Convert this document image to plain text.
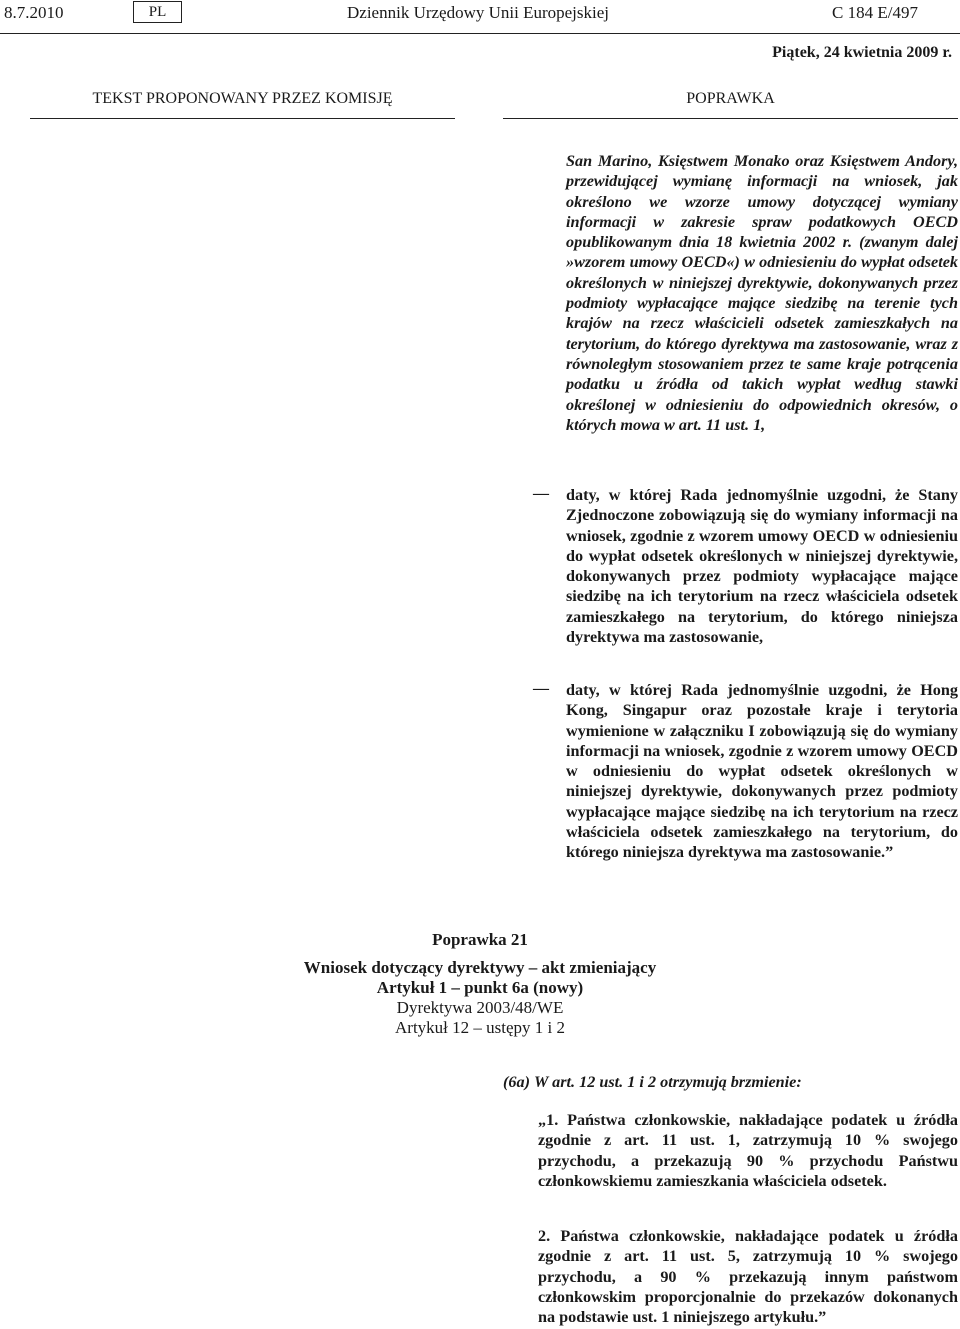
8.7.2010	PL	Dziennik Urzędowy Unii Europejskiej	C 184 E/497
Piątek, 24 kwietnia 2009 r.
TEKST PROPONOWANY PRZEZ KOMISJĘ	POPRAWKA
San Marino, Księstwem Monako oraz Księstwem Andory, przewidującej wymianę informacji na wniosek, jak określono we wzorze umowy dotyczącej wymiany informacji w zakresie spraw podatkowych OECD opublikowanym dnia 18 kwietnia 2002 r. (zwanym dalej »wzorem umowy OECD«) w odniesieniu do wypłat odsetek określonych w niniejszej dyrektywie, dokonywanych przez podmioty wypłacające mające siedzibę na terenie tych krajów na rzecz właścicieli odsetek zamieszkałych na terytorium, do którego dyrektywa ma zastosowanie, wraz z równoległym stosowaniem przez te same kraje potrącenia podatku u źródła od takich wypłat według stawki określonej w odniesieniu do odpowiednich okresów, o których mowa w art. 11 ust. 1,
— daty, w której Rada jednomyślnie uzgodni, że Stany Zjednoczone zobowiązują się do wymiany informacji na wniosek, zgodnie z wzorem umowy OECD w odniesieniu do wypłat odsetek określonych w niniejszej dyrektywie, dokonywanych przez podmioty wypłacające mające siedzibę na ich terytorium na rzecz właściciela odsetek zamieszkałego na terytorium, do którego niniejsza dyrektywa ma zastosowanie,
— daty, w której Rada jednomyślnie uzgodni, że Hong Kong, Singapur oraz pozostałe kraje i terytoria wymienione w załączniku I zobowiązują się do wymiany informacji na wniosek, zgodnie z wzorem umowy OECD w odniesieniu do wypłat odsetek określonych w niniejszej dyrektywie, dokonywanych przez podmioty wypłacające mające siedzibę na ich terytorium na rzecz właściciela odsetek zamieszkałego na terytorium, do którego niniejsza dyrektywa ma zastosowanie.”
Poprawka 21
Wniosek dotyczący dyrektywy – akt zmieniający
Artykuł 1 – punkt 6a (nowy)
Dyrektywa 2003/48/WE
Artykuł 12 – ustępy 1 i 2
(6a) W art. 12 ust. 1 i 2 otrzymują brzmienie:
„1. Państwa członkowskie, nakładające podatek u źródła zgodnie z art. 11 ust. 1, zatrzymują 10 % swojego przychodu, a przekazują 90 % przychodu Państwu członkowskiemu zamieszkania właściciela odsetek.
2. Państwa członkowskie, nakładające podatek u źródła zgodnie z art. 11 ust. 5, zatrzymują 10 % swojego przychodu, a 90 % przekazują innym państwom członkowskim proporcjonalnie do przekazów dokonanych na podstawie ust. 1 niniejszego artykułu.”
